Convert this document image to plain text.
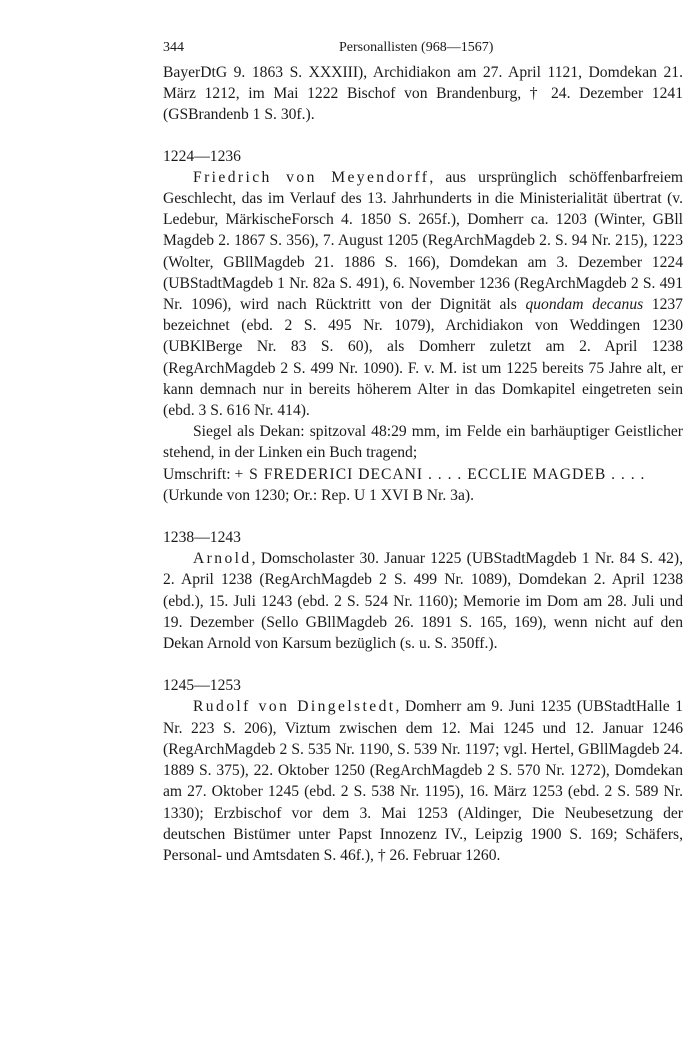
344	Personallisten (968—1567)

BayerDtG 9. 1863 S. XXXIII), Archidiakon am 27. April 1121, Domdekan 21. März 1212, im Mai 1222 Bischof von Brandenburg, † 24. Dezember 1241 (GSBrandenb 1 S. 30f.).

1224—1236

Friedrich von Meyendorff, aus ursprünglich schöffenbarfreiem Geschlecht, das im Verlauf des 13. Jahrhunderts in die Ministerialität übertrat (v. Ledebur, MärkischeForsch 4. 1850 S. 265f.), Domherr ca. 1203 (Winter, GBll Magdeb 2. 1867 S. 356), 7. August 1205 (RegArchMagdeb 2. S. 94 Nr. 215), 1223 (Wolter, GBllMagdeb 21. 1886 S. 166), Domdekan am 3. Dezember 1224 (UBStadtMagdeb 1 Nr. 82a S. 491), 6. November 1236 (RegArchMagdeb 2 S. 491 Nr. 1096), wird nach Rücktritt von der Dignität als quondam decanus 1237 bezeichnet (ebd. 2 S. 495 Nr. 1079), Archidiakon von Weddingen 1230 (UBKlBerge Nr. 83 S. 60), als Domherr zuletzt am 2. April 1238 (RegArchMagdeb 2 S. 499 Nr. 1090). F. v. M. ist um 1225 bereits 75 Jahre alt, er kann demnach nur in bereits höherem Alter in das Domkapitel eingetreten sein (ebd. 3 S. 616 Nr. 414).

Siegel als Dekan: spitzoval 48:29 mm, im Felde ein barhäuptiger Geistlicher stehend, in der Linken ein Buch tragend;

Umschrift: + S FREDERICI DECANI . . . . ECCLIE MAGDEB . . . .

(Urkunde von 1230; Or.: Rep. U 1 XVI B Nr. 3a).

1238—1243

Arnold, Domscholaster 30. Januar 1225 (UBStadtMagdeb 1 Nr. 84 S. 42), 2. April 1238 (RegArchMagdeb 2 S. 499 Nr. 1089), Domdekan 2. April 1238 (ebd.), 15. Juli 1243 (ebd. 2 S. 524 Nr. 1160); Memorie im Dom am 28. Juli und 19. Dezember (Sello GBllMagdeb 26. 1891 S. 165, 169), wenn nicht auf den Dekan Arnold von Karsum bezüglich (s. u. S. 350ff.).

1245—1253

Rudolf von Dingelstedt, Domherr am 9. Juni 1235 (UBStadtHalle 1 Nr. 223 S. 206), Viztum zwischen dem 12. Mai 1245 und 12. Januar 1246 (RegArchMagdeb 2 S. 535 Nr. 1190, S. 539 Nr. 1197; vgl. Hertel, GBllMagdeb 24. 1889 S. 375), 22. Oktober 1250 (RegArchMagdeb 2 S. 570 Nr. 1272), Domdekan am 27. Oktober 1245 (ebd. 2 S. 538 Nr. 1195), 16. März 1253 (ebd. 2 S. 589 Nr. 1330); Erzbischof vor dem 3. Mai 1253 (Aldinger, Die Neubesetzung der deutschen Bistümer unter Papst Innozenz IV., Leipzig 1900 S. 169; Schäfers, Personal- und Amtsdaten S. 46f.), † 26. Februar 1260.
